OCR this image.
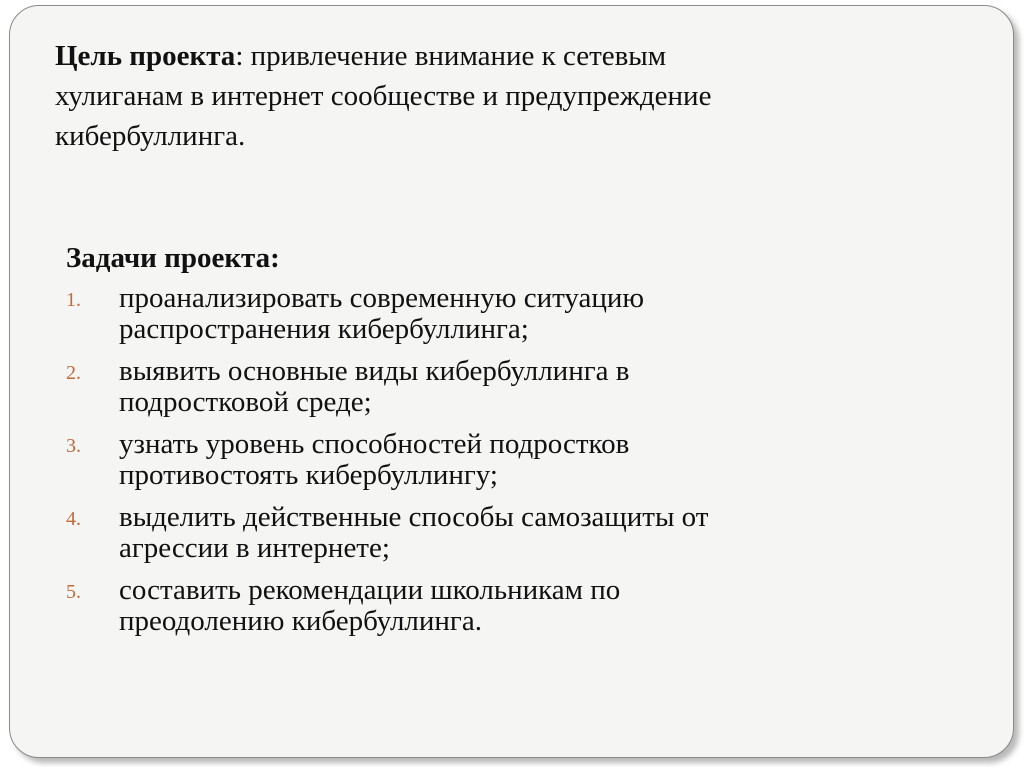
Цель проекта: привлечение внимание к сетевым
хулиганам в интернет сообществе и предупреждение
кибербуллинга.
Задачи проекта:
1. проанализировать современную ситуацию
распространения кибербуллинга;
2. выявить основные виды кибербуллинга в
подростковой среде;
3. узнать уровень способностей подростков
противостоять кибербуллингу;
4. выделить действенные способы самозащиты от
агрессии в интернете;
5. составить рекомендации школьникам по
преодолению кибербуллинга.
